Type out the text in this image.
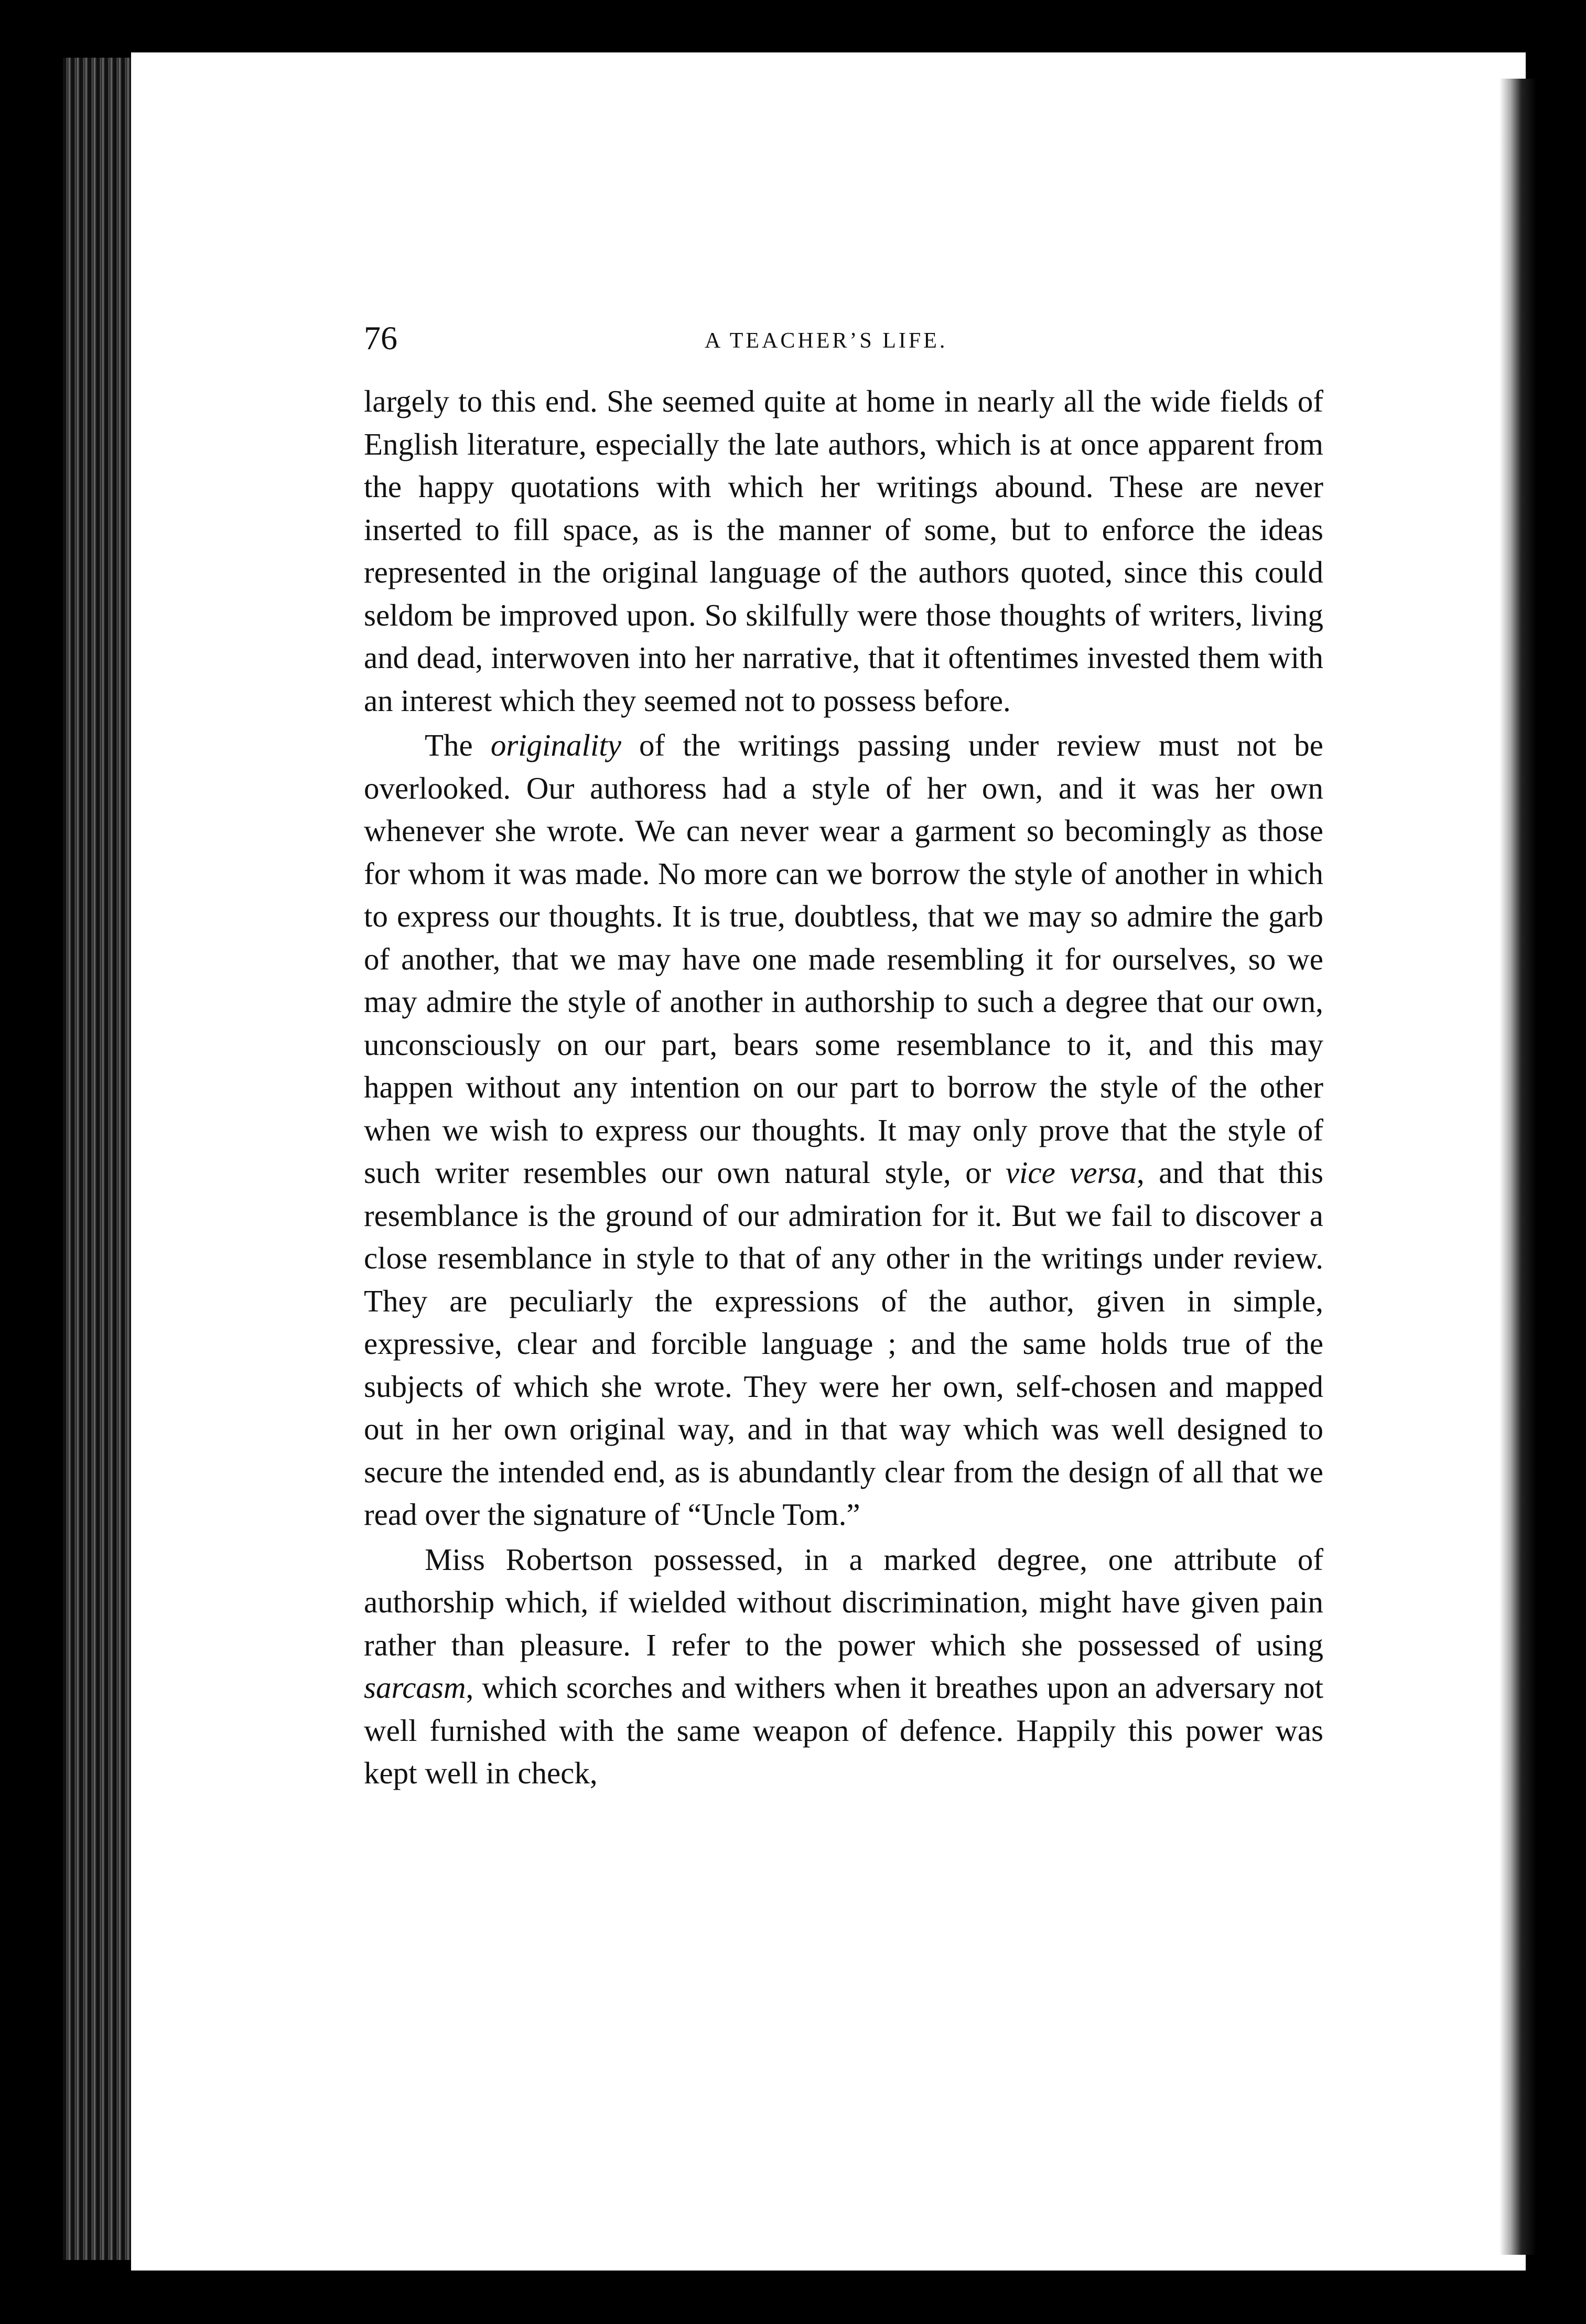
76	A TEACHER’S LIFE.

largely to this end. She seemed quite at home in nearly all the wide fields of English literature, especially the late authors, which is at once apparent from the happy quotations with which her writings abound. These are never inserted to fill space, as is the manner of some, but to enforce the ideas represented in the original language of the authors quoted, since this could seldom be improved upon. So skilfully were those thoughts of writers, living and dead, interwoven into her narrative, that it oftentimes invested them with an interest which they seemed not to possess before.

The originality of the writings passing under review must not be overlooked. Our authoress had a style of her own, and it was her own whenever she wrote. We can never wear a garment so becomingly as those for whom it was made. No more can we borrow the style of another in which to express our thoughts. It is true, doubtless, that we may so admire the garb of another, that we may have one made resembling it for ourselves, so we may admire the style of another in authorship to such a degree that our own, unconsciously on our part, bears some resemblance to it, and this may happen without any intention on our part to borrow the style of the other when we wish to express our thoughts. It may only prove that the style of such writer resembles our own natural style, or vice versa, and that this resemblance is the ground of our admiration for it. But we fail to discover a close resemblance in style to that of any other in the writings under review. They are peculiarly the expressions of the author, given in simple, expressive, clear and forcible language ; and the same holds true of the subjects of which she wrote. They were her own, self-chosen and mapped out in her own original way, and in that way which was well designed to secure the intended end, as is abundantly clear from the design of all that we read over the signature of “Uncle Tom.”

Miss Robertson possessed, in a marked degree, one attribute of authorship which, if wielded without discrimination, might have given pain rather than pleasure. I refer to the power which she possessed of using sarcasm, which scorches and withers when it breathes upon an adversary not well furnished with the same weapon of defence. Happily this power was kept well in check,
